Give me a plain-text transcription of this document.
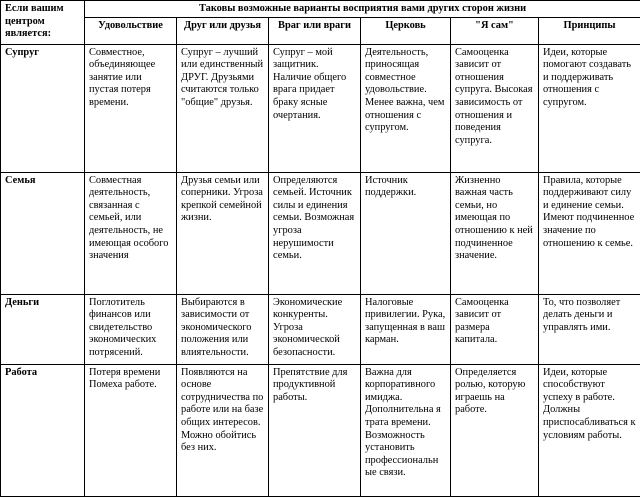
Если вашим центром является:	Таковы возможные варианты восприятия вами других сторон жизни					
	Удовольствие	Друг или друзья	Враг или враги	Церковь	"Я сам"	Принципы
Супруг	Совместное, объединяющее занятие или пустая потеря времени.	Супруг – лучший или единственный ДРУГ. Друзьями считаются только "общие" друзья.	Супруг – мой защитник. Наличие общего врага придает браку ясные очертания.	Деятельность, приносящая совместное удовольствие. Менее важна, чем отношения с супругом.	Самооценка зависит от отношения супруга. Высокая зависимость от отношения и поведения супруга.	Идеи, которые помогают создавать и поддерживать отношения с супругом.
Семья	Совместная деятельность, связанная с семьей, или деятельность, не имеющая особого значения	Друзья семьи или соперники. Угроза крепкой семейной жизни.	Определяются семьей. Источник силы и единения семьи. Возможная угроза нерушимости семьи.	Источник поддержки.	Жизненно важная часть семьи, но имеющая по отношению к ней подчиненное значение.	Правила, которые поддерживают силу и единение семьи. Имеют подчиненное значение по отношению к семье.
Деньги	Поглотитель финансов или свидетельство экономических потрясений.	Выбираются в зависимости от экономического положения или влиятельности.	Экономические конкуренты. Угроза экономической безопасности.	Налоговые привилегии. Рука, запущенная в ваш карман.	Самооценка зависит от размера капитала.	То, что позволяет делать деньги и управлять ими.
Работа	Потеря времени Помеха работе.	Появляются на основе сотрудничества по работе или на базе общих интересов. Можно обойтись без них.	Препятствие для продуктивной работы.	Важна для корпоративного имиджа. Дополнительна я трата времени. Возможность установить профессиональн ые связи.	Определяется ролью, которую играешь на работе.	Идеи, которые способствуют успеху в работе. Должны приспосабливаться к условиям работы.
